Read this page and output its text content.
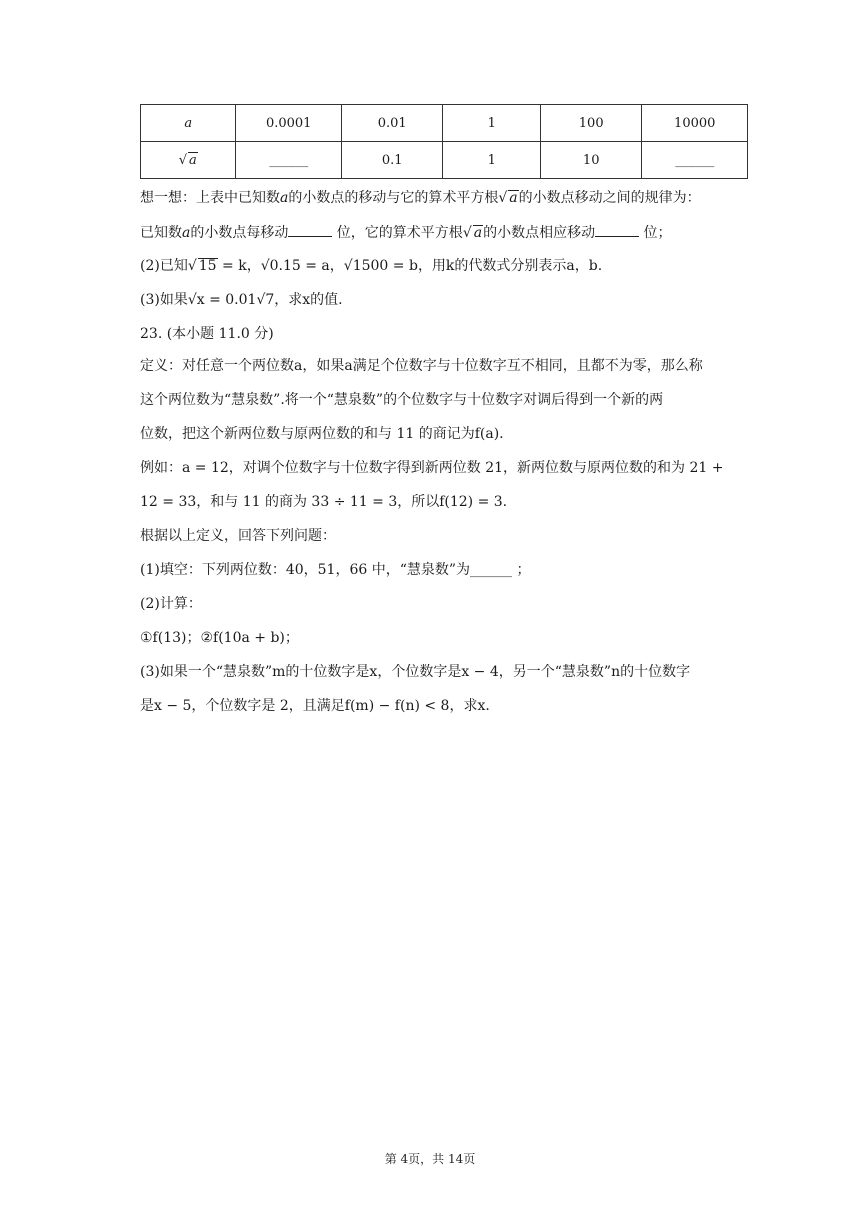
a	0.0001	0.01	1	100	10000
√ a	______	0.1	1	10	______
想一想：上表中已知数a的小数点的移动与它的算术平方根√ a的小数点移动之间的规律为：
已知数a的小数点每移动	位，它的算术平方根√ a的小数点相应移动	位；
(2)已知√ 15 = k，√0.15 = a，√1500 = b，用k的代数式分别表示a，b.
(3)如果√x = 0.01√7，求x的值.
23. (本小题 11.0 分)
定义：对任意一个两位数a，如果a满足个位数字与十位数字互不相同，且都不为零，那么称
这个两位数为“慧泉数”.将一个“慧泉数”的个位数字与十位数字对调后得到一个新的两
位数，把这个新两位数与原两位数的和与 11 的商记为f(a).
例如：a = 12，对调个位数字与十位数字得到新两位数 21，新两位数与原两位数的和为 21 +
12 = 33，和与 11 的商为 33 ÷ 11 = 3，所以f(12) = 3.
根据以上定义，回答下列问题：
(1)填空：下列两位数：40，51，66 中，“慧泉数”为______ ；
(2)计算：
①f(13)；②f(10a + b)；
(3)如果一个“慧泉数”m的十位数字是x，个位数字是x − 4，另一个“慧泉数”n的十位数字
是x − 5，个位数字是 2，且满足f(m) − f(n) < 8，求x.
第 4页，共 14页
